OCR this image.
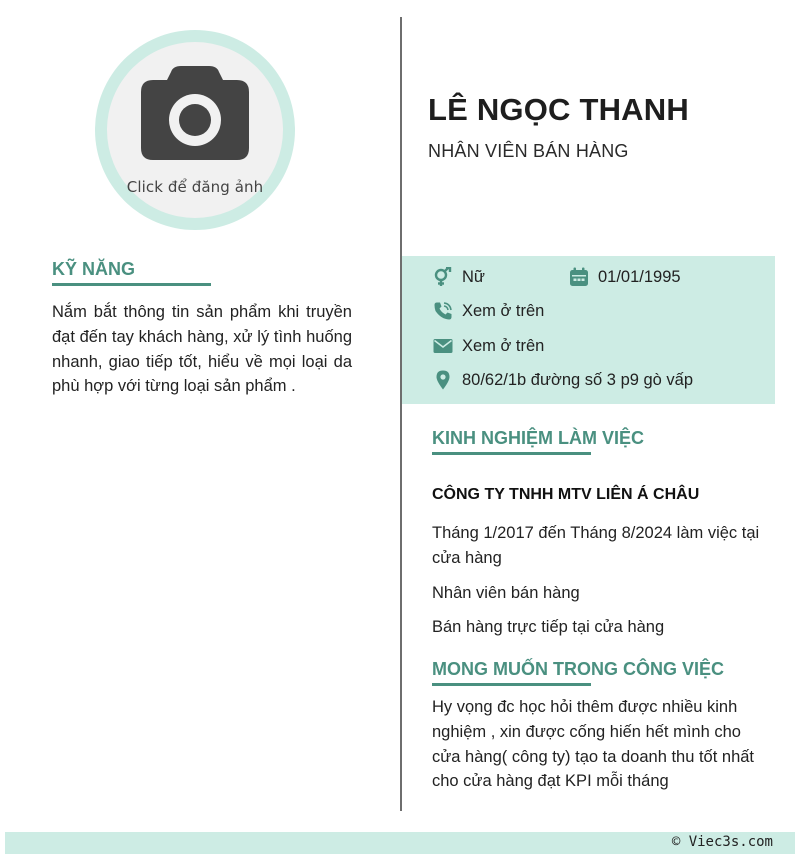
Click để đăng ảnh
KỸ NĂNG
Nắm bắt thông tin sản phẩm khi truyền đạt đến tay khách hàng, xử lý tình huống nhanh, giao tiếp tốt, hiểu về mọi loại da phù hợp với từng loại sản phẩm .
LÊ NGỌC THANH
NHÂN VIÊN BÁN HÀNG
Nữ	01/01/1995
Xem ở trên
Xem ở trên
80/62/1b đường số 3 p9 gò vấp
KINH NGHIỆM LÀM VIỆC
CÔNG TY TNHH MTV LIÊN Á CHÂU
Tháng 1/2017 đến Tháng 8/2024 làm việc tại cửa hàng
Nhân viên bán hàng
Bán hàng trực tiếp tại cửa hàng
MONG MUỐN TRONG CÔNG VIỆC
Hy vọng đc học hỏi thêm được nhiều kinh nghiệm , xin được cống hiến hết mình cho cửa hàng( công ty) tạo ta doanh thu tốt nhất cho cửa hàng đạt KPI mỗi tháng
© Viec3s.com
